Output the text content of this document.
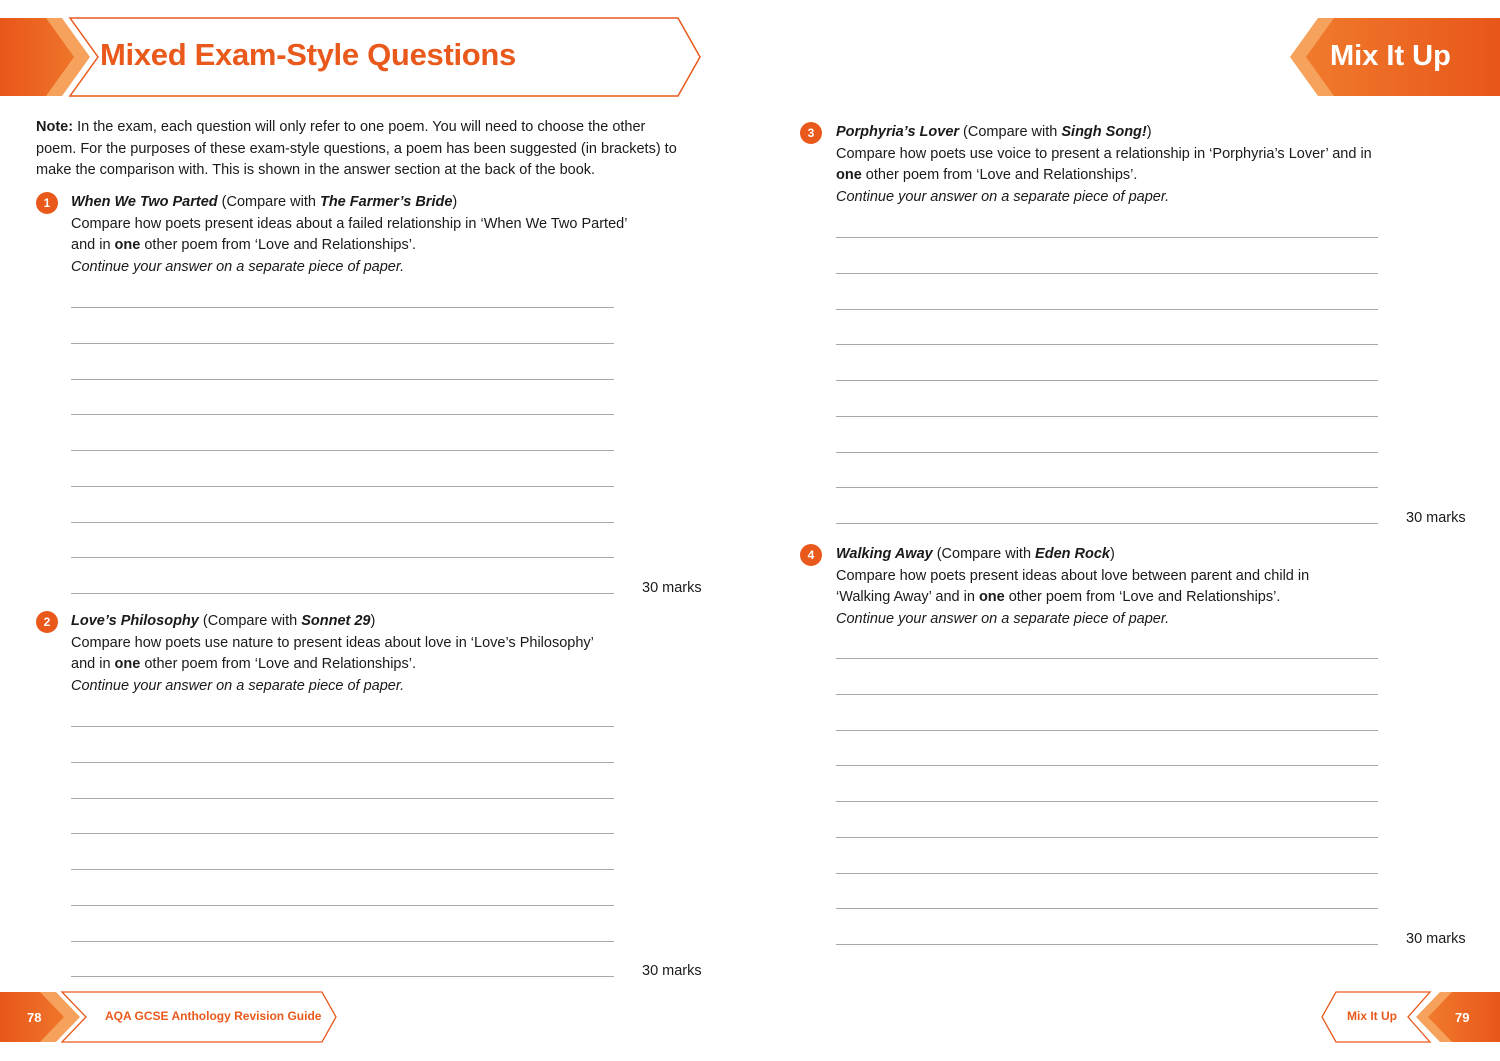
Mixed Exam-Style Questions	Mix It Up
Note: In the exam, each question will only refer to one poem. You will need to choose the other
poem. For the purposes of these exam-style questions, a poem has been suggested (in brackets) to
make the comparison with. This is shown in the answer section at the back of the book.
1	When We Two Parted (Compare with The Farmer’s Bride)
Compare how poets present ideas about a failed relationship in ‘When We Two Parted’
and in one other poem from ‘Love and Relationships’.
Continue your answer on a separate piece of paper.
30 marks
2	Love’s Philosophy (Compare with Sonnet 29)
Compare how poets use nature to present ideas about love in ‘Love’s Philosophy’
and in one other poem from ‘Love and Relationships’.
Continue your answer on a separate piece of paper.
30 marks
3	Porphyria’s Lover (Compare with Singh Song!)
Compare how poets use voice to present a relationship in ‘Porphyria’s Lover’ and in
one other poem from ‘Love and Relationships’.
Continue your answer on a separate piece of paper.
30 marks
4	Walking Away (Compare with Eden Rock)
Compare how poets present ideas about love between parent and child in
‘Walking Away’ and in one other poem from ‘Love and Relationships’.
Continue your answer on a separate piece of paper.
30 marks
78	AQA GCSE Anthology Revision Guide	Mix It Up	79
